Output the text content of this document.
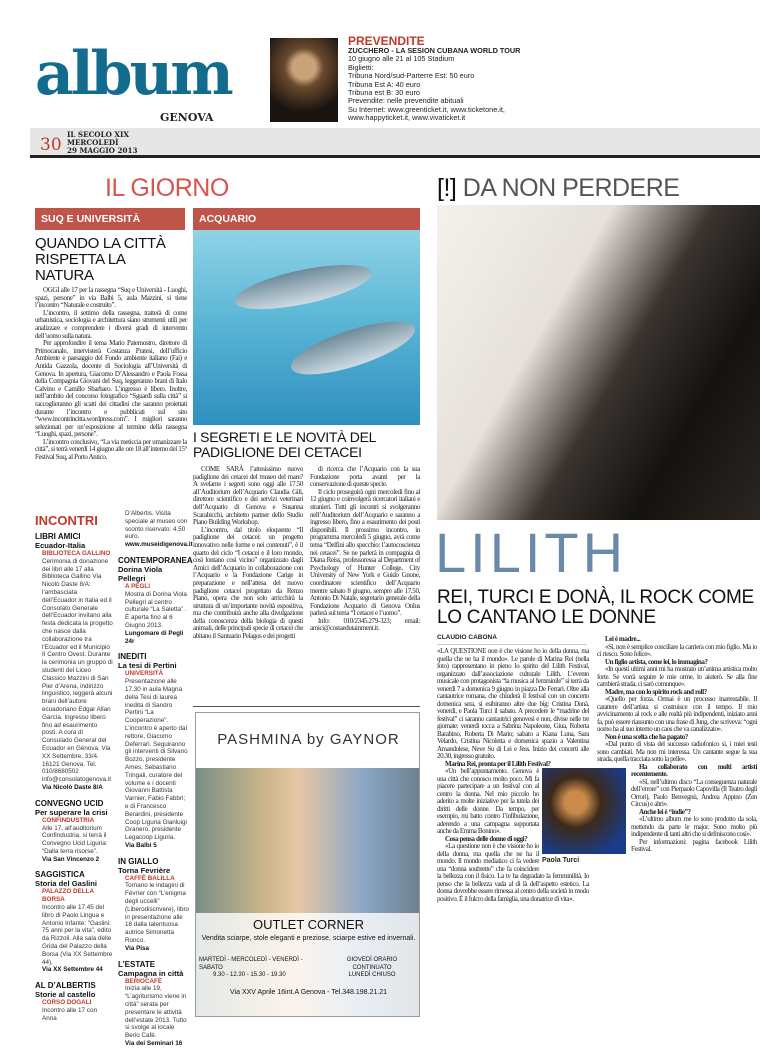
album
GENOVA
PREVENDITE
ZUCCHERO - LA SESION CUBANA WORLD TOUR
10 giugno alle 21 al 105 Stadium
Biglietti:
Tribuna Nord/sud-Parterre Est: 50 euro
Tribuna Est A: 40 euro
Tribuna est B: 30 euro
Prevendite: nelle prevendite abituali
Su Internet: www.greenticket.it, www.ticketone.it,
www.happyticket.it, www.vivaticket.it
30
IL SECOLO XIX
MERCOLEDÌ
29 MAGGIO 2013
IL GIORNO	[!] DA NON PERDERE
SUQ E UNIVERSITÀ	ACQUARIO
QUANDO LA CITTÀ RISPETTA LA NATURA

OGGI alle 17 per la rassegna “Suq e Università - Luoghi, spazi, persone” in via Balbi 5, aula Mazzini, si tiene l’incontro “Naturale e costruito”.

L’incontro, il settimo della rassegna, tratterà di come urbanistica, sociologia e architettura siano strumenti utili per analizzare e comprendere i diversi gradi di intervento dell’uomo sulla natura.

Per approfondire il tema Mario Paternostro, direttore di Primocanale, intervisterà Costanza Pratesi, dell’ufficio Ambiente e paesaggio del Fondo ambiente italiano (Fai) e Antida Gazzola, docente di Sociologia all’Università di Genova. In apertura, Giacomo D’Alessandro e Paola Fossa della Compagnia Giovani del Suq, leggeranno brani di Italo Calvino e Camillo Sbarbaro. L’ingresso è libero. Inoltre, nell’ambito del concorso fotografico “Sguardi sulla città” si raccoglieranno gli scatti dei cittadini che saranno proiettati durante l’incontro e pubblicati sul sito “www.incontrincitta.wordpress.com”. I migliori saranno selezionati per un’esposizione al termine della rassegna “Luoghi, spazi, persone”.

L’incontro conclusivo, “La via meticcia per umanizzare la città”, si terrà venerdì 14 giugno alle ore 18 all’interno del 15° Festival Suq, al Porto Antico.

INCONTRI
LIBRI AMICI
Ecuador-Italia
BIBLIOTECA GALLINO
Cerimonia di donazione dei libri alle 17 alla Biblioteca Gallino Via Nicolò Daste 8/A: l’ambasciata dell’Ecuador in Italia ed il Consolato Generale dell’Ecuador invitano alla festa dedicata la progetto che nasce dalla collaborazione tra l’Ecuador ed il Municipio II Centro Ovest. Durante la cerimonia un gruppo di studenti del Liceo Classico Mazzini di San Pier d’Arena, indirizzo linguistico, leggerà alcuni brani dell’autore ecuadoriano Edgar Allan García. Ingresso libero fino ad esaurimento posti. A cura di Consulado General del Ecuador en Génova. Via XX Settembre, 33/4. 16121 Genova. Tel. 010/8680502 info@consolatogenova.it
Via Nicolò Daste 8/A
CONVEGNO UCID
Per superare la crisi
CONFINDUSTRIA
Alle 17, all’auditorium Confindustria, si terrà il Convegno Ucid Liguria: “Dalla terra risorse”.
Via San Vincenzo 2
SAGGISTICA
Storia del Gaslini
PALAZZO DELLA BORSA
Incontro alle 17.45 del libro di Paolo Lingua e Antonio Infante: “Gaslini: 75 anni per la vita”, edito da Rizzoli. Alla sala delle Grida del Palazzo della Borsa (Via XX Settembre 44).
Via XX Settembre 44
AL D’ALBERTIS
Storie al castello
CORSO DOGALI
Incontro alle 17 con Anna
D’Albertis. Visita speciale al museo con sconto riservato: 4.50 euro.
www.museidigenova.it
CONTEMPORANEA
Dorina Viola Pellegri
A PEGLI
Mostra di Dorina Viola Pellegri al centro culturale “La Saletta” . È aperta fino al 6 Giugno 2013.
Lungomare di Pegli 24r
INEDITI
La tesi di Pertini
UNIVERSITÀ
Presentazione alle 17.30 in aula Magna della Tesi di laurea inedita di Sandro Pertini “La Cooperazione”. L’incontro è aperto dal rettore, Giacomo Deferrari. Seguiranno gli interventi di Silvano Bozzo, presidente Ames, Sebastiano Tringali, curatore del volume e i docenti Giovanni Battista Varnier, Fabio Fabbri; e di Francesco Berardini, presidente Coop Liguria Gianluigi Granero, presidente Legacoop Liguria.
Via Balbi 5
IN GIALLO
Torna Fevrière
CAFFÈ BALILLA
Tornano le indagini di Févrìer con “L’enigma degli uccelli” (Liberodiscrivere), libro in presentazione alle 18 dalla talentuosa autrice Simonetta Ronco.
Via Pisa
L’ESTATE
Campagna in città
BERIOCAFÈ
Inizia alle 19, “L’agriturismo viene in città” serata per presentare le attività dell’estate 2013. Tutto si svolge al locale Berio Café.
Via dei Seminari 16
I SEGRETI E LE NOVITÀ DEL PADIGLIONE DEI CETACEI

COME SARÀ l’attesissimo nuovo padiglione dei cetacei del museo del mare? A svelarne i segreti sono oggi alle 17.50 all’Auditorium dell’Acquario Claudia Gili, direttore scientifico e dei servizi veterinari dell’Acquario di Genova e Susanna Scarabicchi, architetto partner dello Studio Piano Building Workshop.

L’incontro, dal titolo eloquente “Il padiglione dei cetacei: un progetto innovativo nelle forme e nei contenuti”, è il quarto del ciclo “I cetacei e il loro mondo, così lontano così vicino” organizzato dagli Amici dell’Acquario in collaborazione con l’Acquario e la Fondazione Carige in preparazione e nell’attesa del nuovo padiglione cetacei progettato da Renzo Piano, opera che non solo arricchirà la struttura di un’importante novità espositiva, ma che contribuirà anche alla divulgazione della conoscenza della biologia di questi animali, delle principali specie di cetacei che abitano il Santuario Pelagos e dei progetti

di ricerca che l’Acquario con la sua Fondazione porta avanti per la conservazione di queste specie.

Il ciclo proseguirà ogni mercoledì fino al 12 giugno e coinvolgerà ricercatori italiani e stranieri. Tutti gli incontri si svolgeranno nell’Auditorium dell’Acquario e saranno a ingresso libero, fino a esaurimento dei posti disponibili. Il prossimo incontro, in programma mercoledì 5 giugno, avrà come tema “Delfini allo specchio: l’autocoscienza nei cetacei”. Se ne parlerà in compagnia di Diana Reiss, professoressa al Department of Psychology of Hunter College, City University of New York e Guido Gnone, coordinatore scientifico dell’Acquario mentre sabato 8 giugno, sempre alle 17.50, Antonio Di Natale, segretario generale della Fondazione Acquario di Genova Onlus parlerà sul tema “I cetacei e l’uomo”.

Info: 010/2345.279-323; email: amici@costaedutainment.it.

PASHMINA by GAYNOR
OUTLET CORNER
Vendita sciarpe, stole eleganti e preziose, sciarpe estive ed invernali.
MARTEDÌ - MERCOLEDÌ - VENERDÌ - SABATO
9.30 - 12.30 - 15.30 - 19.30
GIOVEDÌ ORARIO CONTINUATO
LUNEDÌ CHIUSO
Via XXV Aprile 16int.A Genova - Tel.348.198.21.21
LILITH
REI, TURCI E DONÀ, IL ROCK COME LO CANTANO LE DONNE
CLAUDIO CABONA

«LA QUESTIONE non è che visione ho io della donna, ma quella che ne ha il mondo». Le parole di Marina Rei (nella foto) rappresentano in pieno lo spirito del Lilith Festival, organizzato dall’associazione culturale Lilith. L’evento musicale con protagonista “la musica al femminile” si terrà da venerdì 7 a domenica 9 giugno in piazza De Ferrari. Oltre alla cantautrice romana, che chiuderà il festival con un concerto domenica sera, si esibiranno altre due big: Cristina Donà, venerdì, e Paola Turci il sabato. A precedere le “madrine del festival” ci saranno cantautrici genovesi e non, divise nelle tre giornate: venerdì tocca a Sabrina Napoleone, Giua, Roberta Barabino, Roberta Di Mario; sabato a Kiana Luna, Sara Velardo, Cristina Nicoletta e domenica spazio a Valentina Amandolese, Neve Su di Lei e Jess. Inizio dei concerti alle 20.30, ingresso gratuito.

Marina Rei, pronta per il Lilith Festival?

«Un bell’appuntamento. Genova è una città che conosco molto poco. Mi fa piacere partecipare a un festival con al centro la donna. Nel mio piccolo ho aderito a molte iniziative per la tutela dei diritti delle donne. Da tempo, per esempio, mi batto contro l’infibulazione, aderendo a una campagna supportata anche da Emma Bonino».

Cosa pensa delle donne di oggi?

«La questione non è che visione ho io della donna, ma quella che ne ha il mondo. Il mondo mediatico ci fa vedere una “donna soubrette” che fa coincidere la bellezza con il fisico. La tv ha degradato la femminilità. Io penso che la bellezza vada al di là dell’aspetto estetico. La donna dovrebbe essere rimessa al centro della società in modo positivo. È il fulcro della famiglia, una donatrice di vita».

Lei è madre...

«Sì, non è semplice conciliare la carriera con mio figlio. Ma io ci riesco. Sono felice».

Un figlio artista, come lei, lo immagina?

«In questi ultimi anni mi ha mostrato un’anima artistica molto forte. Se vorrà seguire le mie orme, lo aiuterò. Se alla fine cambierà strada, ci sarò comunque».

Madre, ma con lo spirito rock and roll?

«Quello per forza. Ormai è un processo inarrestabile. Il carattere dell’artista si costruisce con il tempo. Il mio avvicinamento al rock e alle realtà più indipendenti, iniziato anni fa, può essere riassunto con una frase di Jung, che scriveva: “ogni uomo ha al suo interno un caos che va canalizzato».

Non è una scelta che ha pagato?

«Dal punto di vista del successo radiofonico sì, i miei testi sono cambiati. Ma non mi interessa. Un cantante segue la sua strada, quella tracciata sotto la pelle».

Ha collaborato con molti artisti recentemente.

«Sì, nell’ultimo disco “La conseguenza naturale dell’errore” con Pierpaolo Capovilla (Il Teatro degli Orrori), Paolo Benvegnù, Andrea Appino (Zen Circus) e altri».

Anche lei è “indie”?

«L’ultimo album me lo sono prodotto da sola, mettendo da parte le major. Sono molto più indipendente di tanti altri che si definiscono così».

Per informazioni: pagina facebook Lilith Festival.

Paola Turci
